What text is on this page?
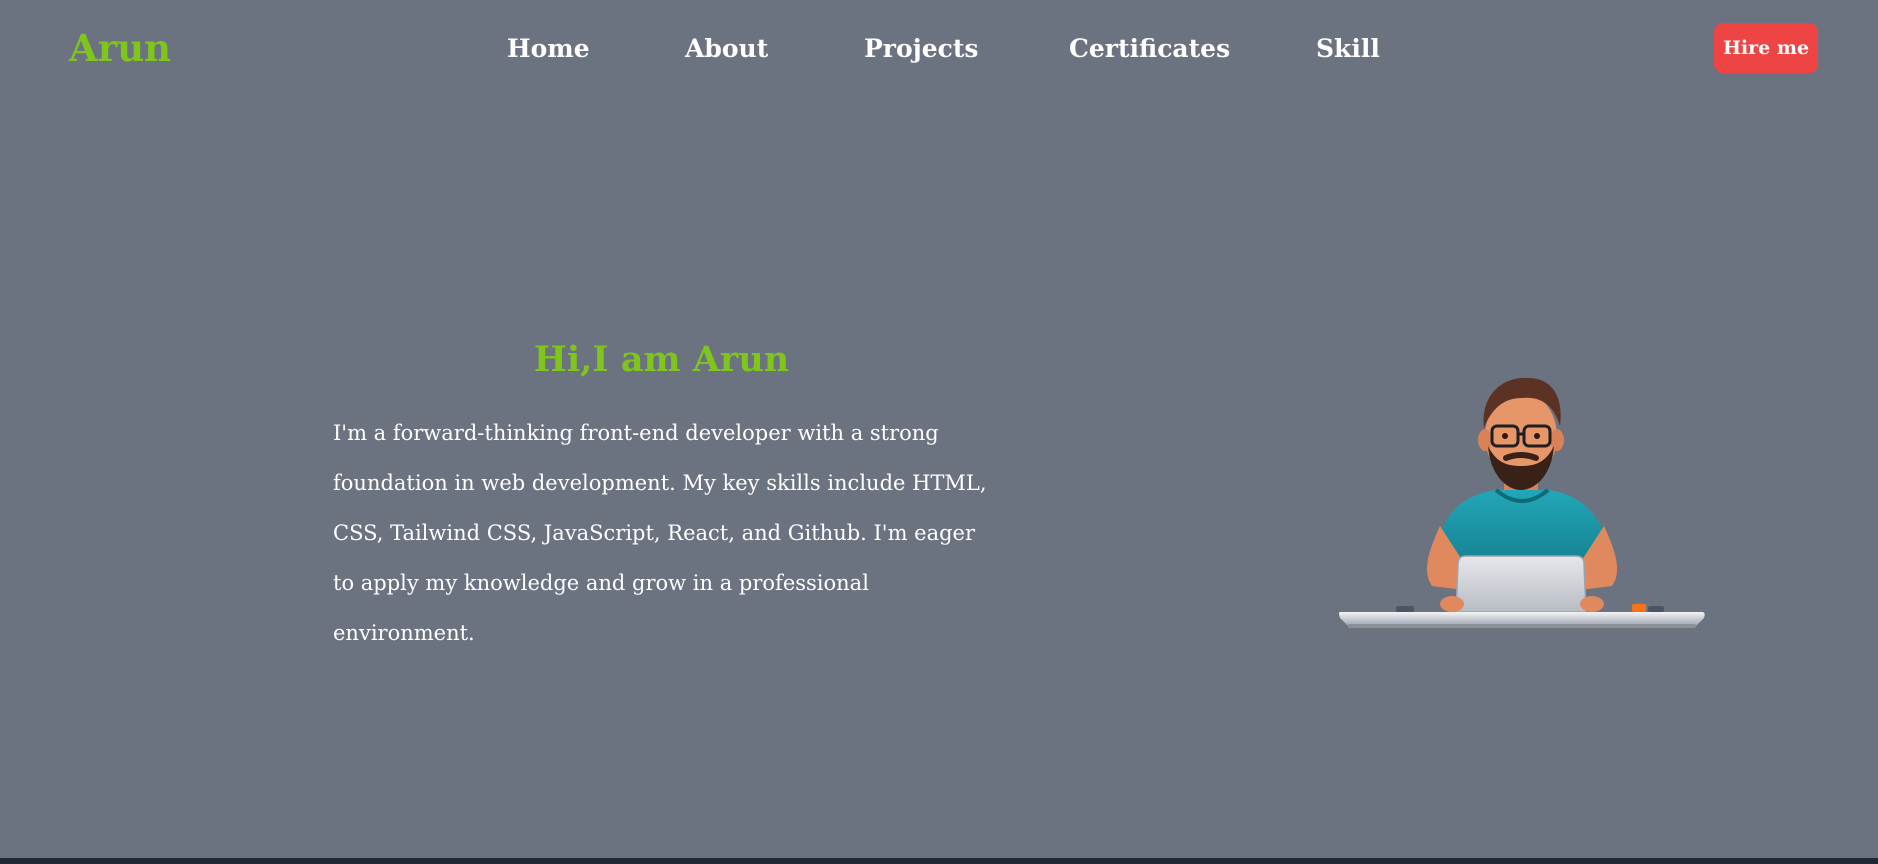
Arun	Home	About	Projects	Certificates	Skill	Hire me
Hi,I am Arun

I'm a forward-thinking front-end developer with a strong foundation in web development. My key skills include HTML, CSS, Tailwind CSS, JavaScript, React, and Github. I'm eager to apply my knowledge and grow in a professional environment.
